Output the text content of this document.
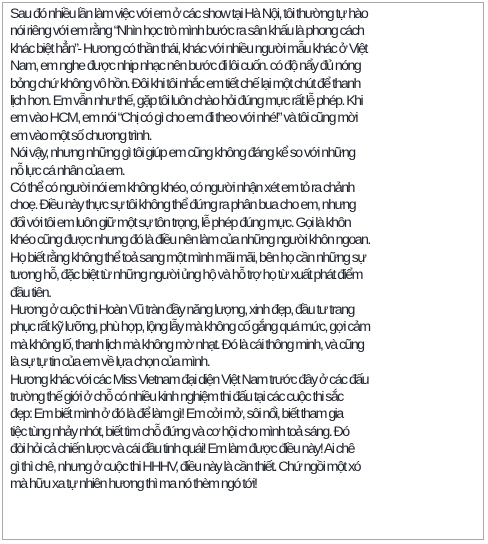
Sau đó nhiều lần làm việc với em ở các show tại Hà Nội, tôi thường tự hào
nói riêng với em rằng “Nhìn học trò mình bước ra sân khấu là phong cách
khác biệt hẳn”- Hương có thần thái, khác với nhiều người mẫu khác ở Việt
Nam, em nghe được nhịp nhạc nên bước đi lôi cuốn. có độ nẩy đủ nóng
bỏng chứ không vô hồn. Đôi khi tôi nhắc em tiết chế lại một chút để thanh
lịch hơn. Em vẫn như thế, gặp tôi luôn chào hỏi đúng mực rất lễ phép. Khi
em vào HCM, em nói “Chị có gì cho em đi theo với nhé!” và tôi cũng mời
em vào một số chương trình.
Nói vậy, nhưng những gì tôi giúp em cũng không đáng kể so với những
nỗ lực cá nhân của em.
Có thể có người nói em không khéo, có người nhận xét em tỏ ra chảnh
choẹ. Điều này thực sự tôi không thể đứng ra phân bua cho em, nhưng
đối với tôi em luôn giữ một sự tôn trọng, lễ phép đúng mực. Gọi là khôn
khéo cũng được nhưng đó là điều nên làm của những người khôn ngoan.
Họ biết rằng không thể toả sang một mình mãi mãi, bên họ cần những sự
tương hỗ, đặc biệt từ những người ủng hộ và hỗ trợ họ từ xuất phát điểm
đầu tiên.
Hương ở cuộc thi Hoàn Vũ tràn đầy năng lượng, xinh đẹp, đầu tư trang
phục rất kỹ lưỡng, phù hợp, lộng lẫy mà không cố gắng quá mức, gợi cảm
mà không lố, thanh lịch mà không mờ nhạt. Đó là cái thông minh, và cũng
là sự tự tin của em về lựa chọn của mình.
Hương khác với các Miss Vietnam đại diện Việt Nam trước đây ở các đấu
trường thế giới ở chỗ có nhiều kinh nghiệm thi đấu tại các cuộc thi sắc
đẹp: Em biết mình ở đó là để làm gì! Em cởi mở, sôi nổi, biết tham gia
tiệc tùng nhảy nhót, biết tìm chỗ đứng và cơ hội cho mình toả sáng. Đó
đòi hỏi cả chiến lược và cái đầu tinh quái! Em làm được điều này! Ai chê
gì thì chê, nhưng ở cuộc thi HHHV, điều này là cần thiết. Chứ ngồi một xó
mà hữu xa tự nhiên hương thì ma nó thèm ngó tới!
